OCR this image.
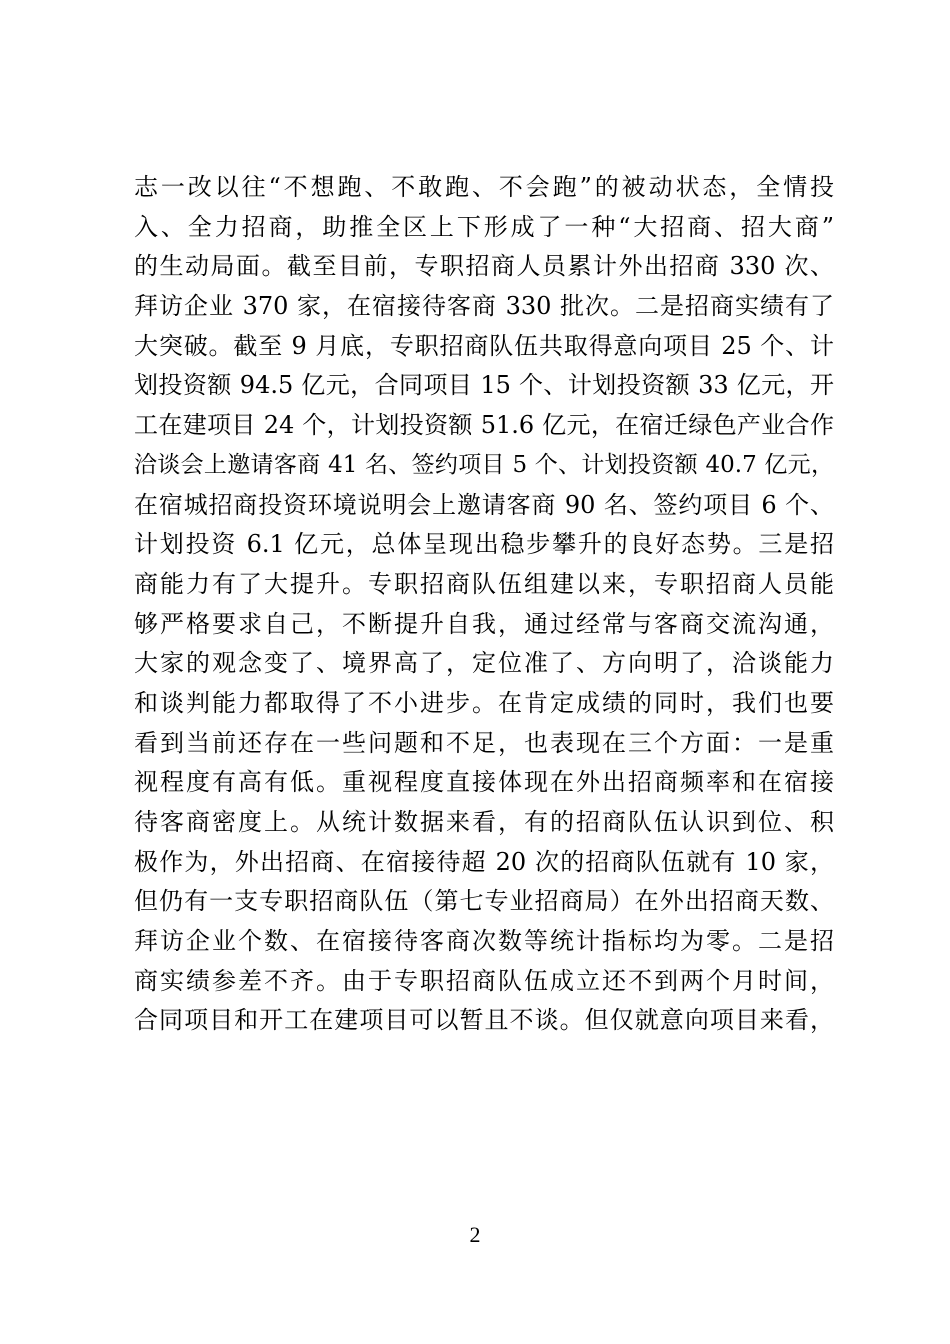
志一改以往“不想跑、不敢跑、不会跑”的被动状态，全情投
入、全力招商，助推全区上下形成了一种“大招商、招大商”
的生动局面。截至目前，专职招商人员累计外出招商 330 次、
拜访企业 370 家，在宿接待客商 330 批次。二是招商实绩有了
大突破。截至 9 月底，专职招商队伍共取得意向项目 25 个、计
划投资额 94.5 亿元，合同项目 15 个、计划投资额 33 亿元，开
工在建项目 24 个，计划投资额 51.6 亿元，在宿迁绿色产业合作
洽谈会上邀请客商 41 名、签约项目 5 个、计划投资额 40.7 亿元，
在宿城招商投资环境说明会上邀请客商 90 名、签约项目 6 个、
计划投资 6.1 亿元，总体呈现出稳步攀升的良好态势。三是招
商能力有了大提升。专职招商队伍组建以来，专职招商人员能
够严格要求自己，不断提升自我，通过经常与客商交流沟通，
大家的观念变了、境界高了，定位准了、方向明了，洽谈能力
和谈判能力都取得了不小进步。在肯定成绩的同时，我们也要
看到当前还存在一些问题和不足，也表现在三个方面：一是重
视程度有高有低。重视程度直接体现在外出招商频率和在宿接
待客商密度上。从统计数据来看，有的招商队伍认识到位、积
极作为，外出招商、在宿接待超 20 次的招商队伍就有 10 家，
但仍有一支专职招商队伍（第七专业招商局）在外出招商天数、
拜访企业个数、在宿接待客商次数等统计指标均为零。二是招
商实绩参差不齐。由于专职招商队伍成立还不到两个月时间，
合同项目和开工在建项目可以暂且不谈。但仅就意向项目来看，
2
